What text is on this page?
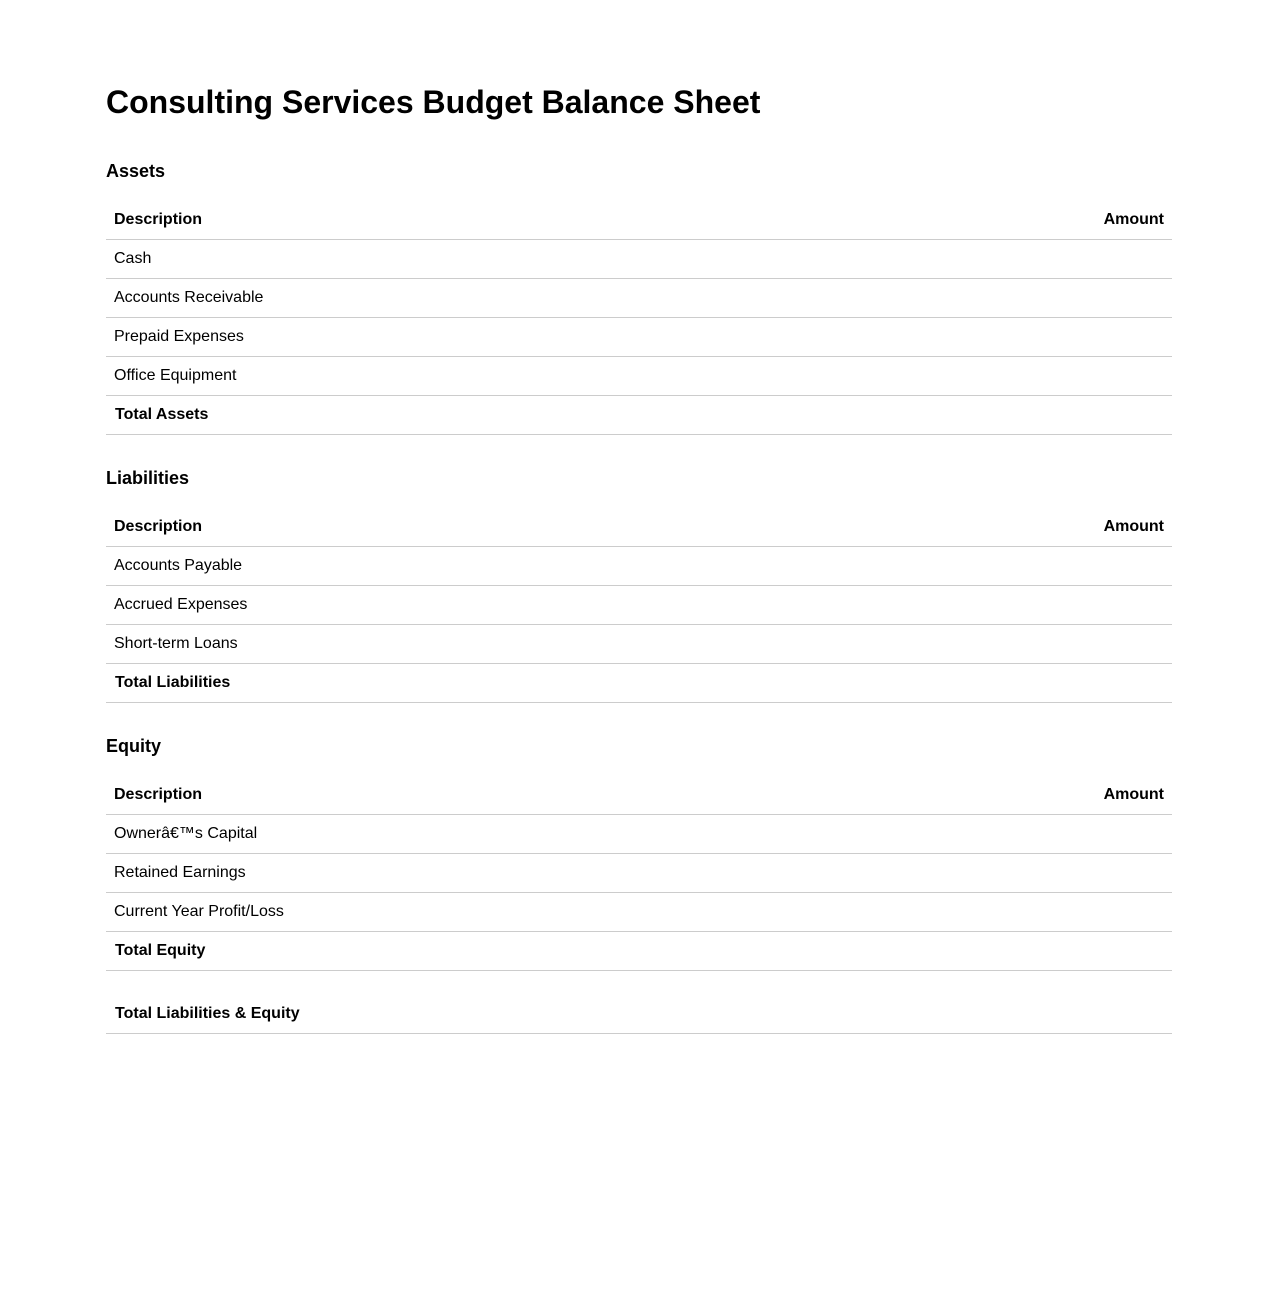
Consulting Services Budget Balance Sheet
Assets
Description	Amount
Cash	
Accounts Receivable	
Prepaid Expenses	
Office Equipment	
Total Assets	
Liabilities
Description	Amount
Accounts Payable	
Accrued Expenses	
Short-term Loans	
Total Liabilities	
Equity
Description	Amount
Ownerâ€™s Capital	
Retained Earnings	
Current Year Profit/Loss	
Total Equity	
Total Liabilities & Equity	
